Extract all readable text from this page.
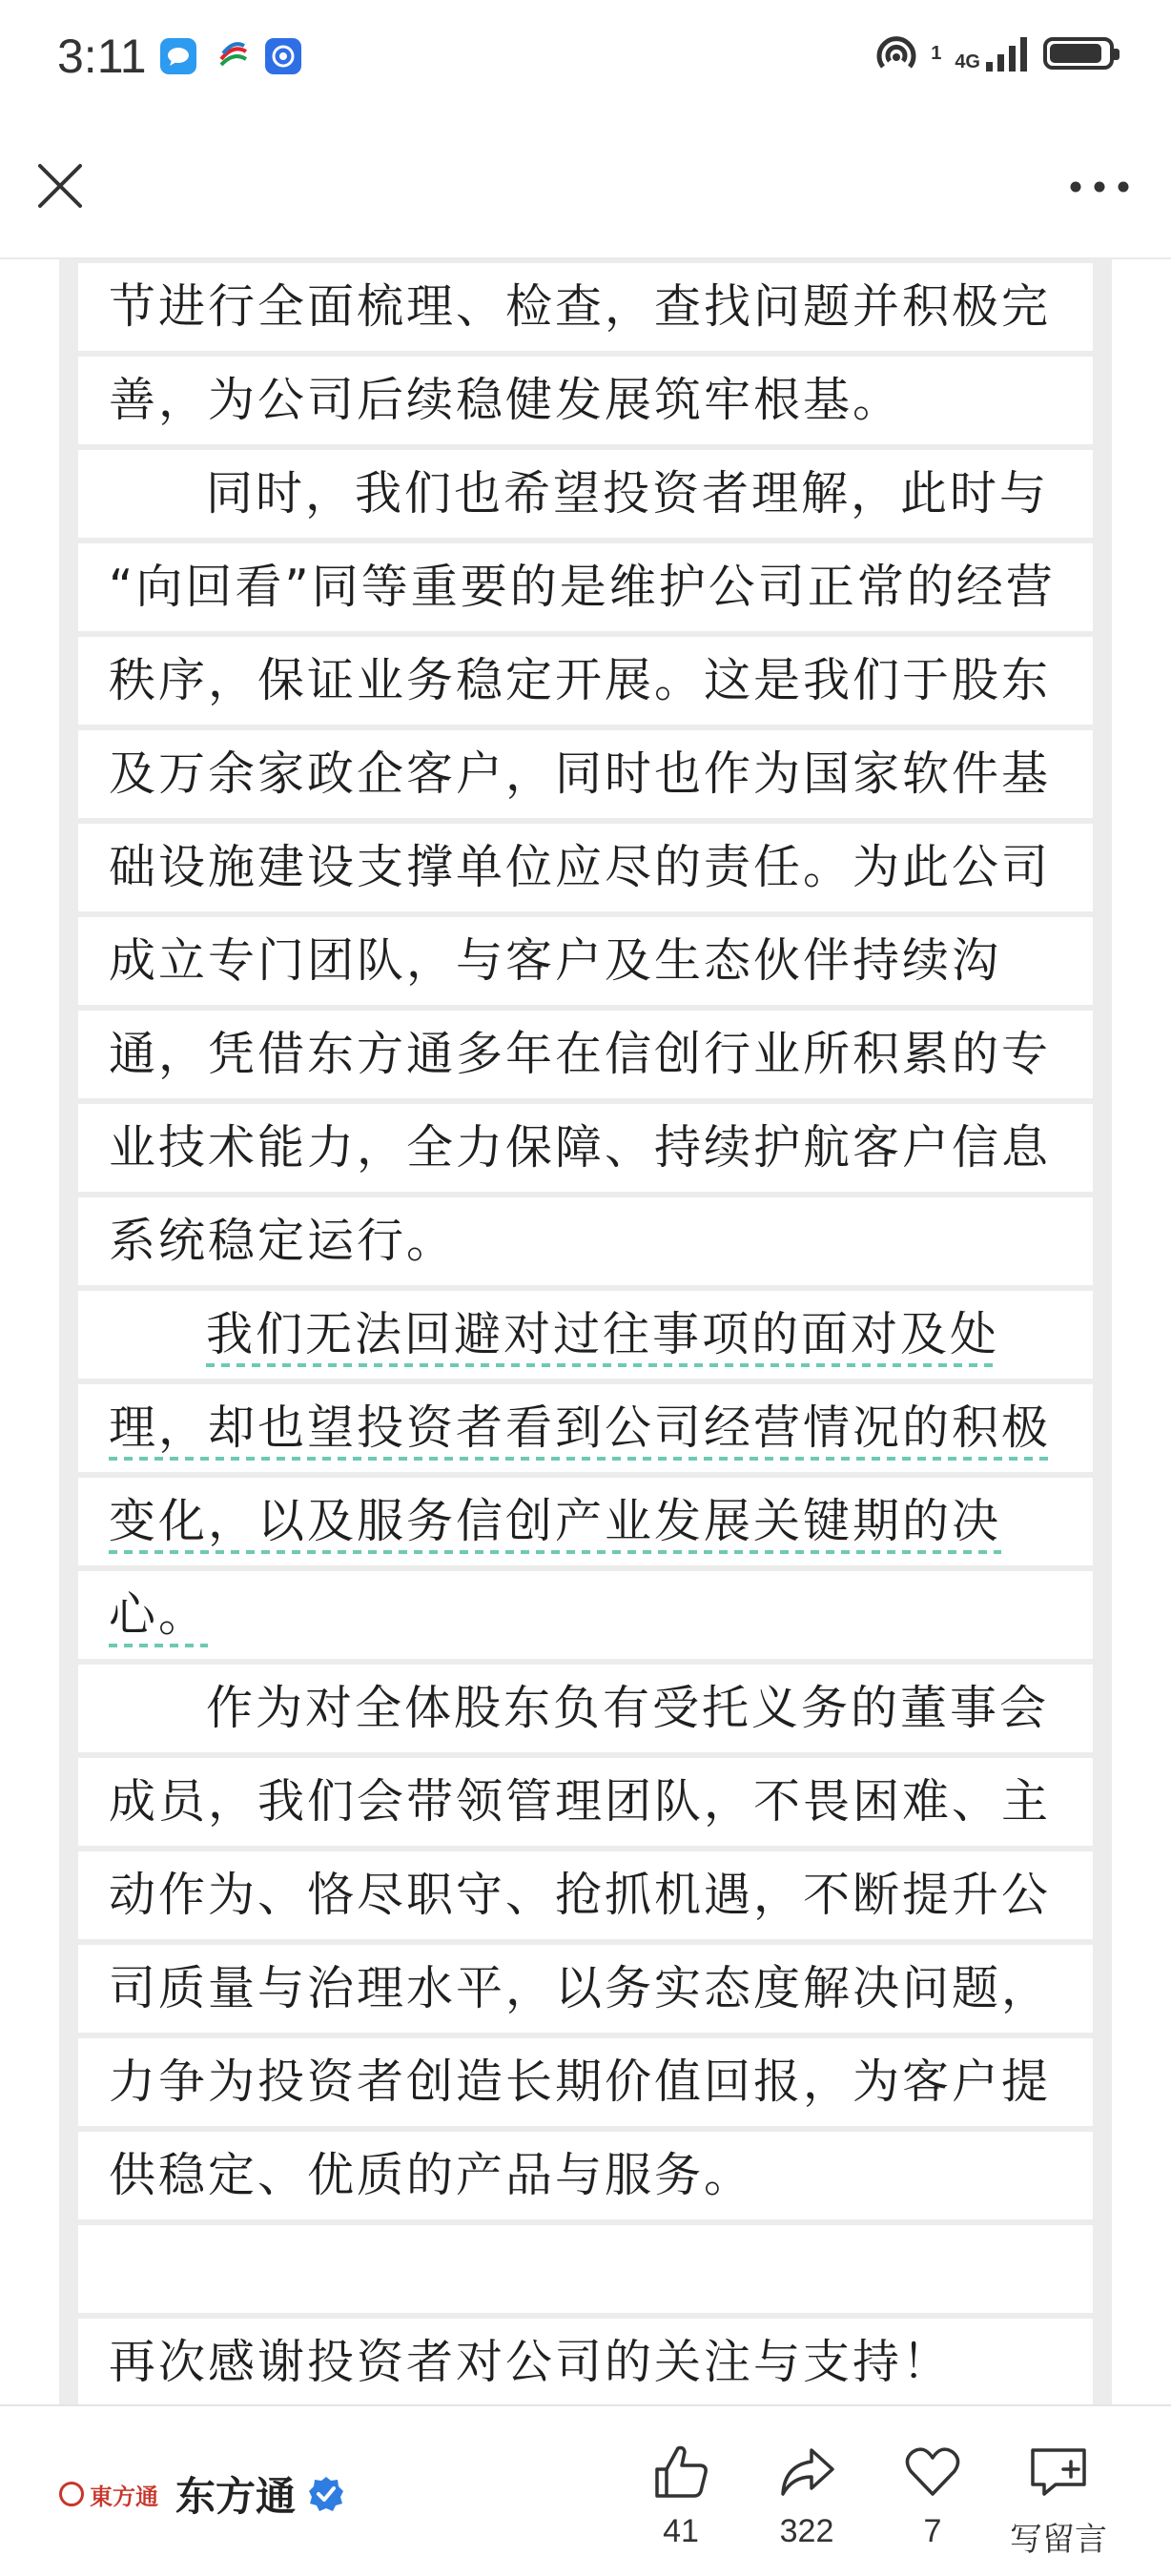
3:11	1 4G
节进行全面梳理、检查，查找问题并积极完
善，为公司后续稳健发展筑牢根基。
同时，我们也希望投资者理解，此时与
“向回看”同等重要的是维护公司正常的经营
秩序，保证业务稳定开展。这是我们于股东
及万余家政企客户，同时也作为国家软件基
础设施建设支撑单位应尽的责任。为此公司
成立专门团队，与客户及生态伙伴持续沟
通，凭借东方通多年在信创行业所积累的专
业技术能力，全力保障、持续护航客户信息
系统稳定运行。
我们无法回避对过往事项的面对及处
理，却也望投资者看到公司经营情况的积极
变化，以及服务信创产业发展关键期的决
心。
作为对全体股东负有受托义务的董事会
成员，我们会带领管理团队，不畏困难、主
动作为、恪尽职守、抢抓机遇，不断提升公
司质量与治理水平，以务实态度解决问题，
力争为投资者创造长期价值回报，为客户提
供稳定、优质的产品与服务。
再次感谢投资者对公司的关注与支持！
東方通 东方通
41	322	7	写留言
